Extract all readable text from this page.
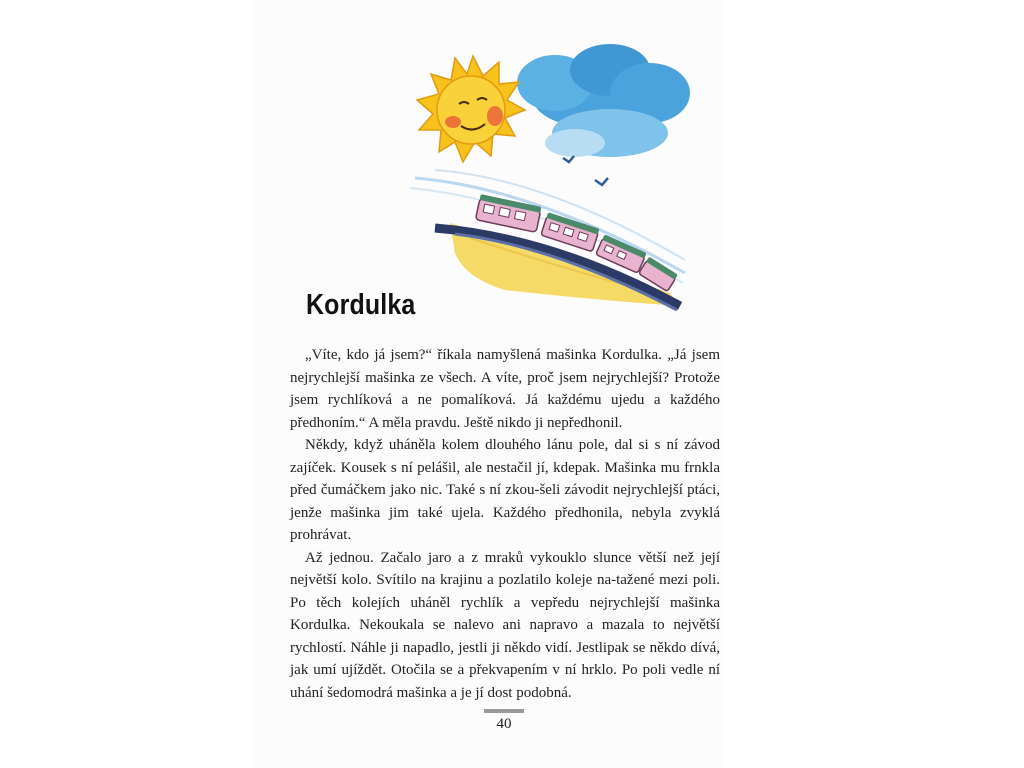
Kordulka

„Víte, kdo já jsem?“ říkala namyšlená mašinka Kordulka. „Já jsem nejrychlejší mašinka ze všech. A víte, proč jsem nejrychlejší? Protože jsem rychlíková a ne pomalíková. Já každému ujedu a každého předhoním.“ A měla pravdu. Ještě nikdo ji nepředhonil.

Někdy, když uháněla kolem dlouhého lánu pole, dal si s ní závod zajíček. Kousek s ní pelášil, ale nestačil jí, kdepak. Mašinka mu frnkla před čumáčkem jako nic. Také s ní zkou-šeli závodit nejrychlejší ptáci, jenže mašinka jim také ujela. Každého předhonila, nebyla zvyklá prohrávat.

Až jednou. Začalo jaro a z mraků vykouklo slunce větší než její největší kolo. Svítilo na krajinu a pozlatilo koleje na-tažené mezi poli. Po těch kolejích uháněl rychlík a vepředu nejrychlejší mašinka Kordulka. Nekoukala se nalevo ani napravo a mazala to největší rychlostí. Náhle ji napadlo, jestli ji někdo vidí. Jestlipak se někdo dívá, jak umí ujíždět. Otočila se a překvapením v ní hrklo. Po poli vedle ní uhání šedomodrá mašinka a je jí dost podobná.

40
